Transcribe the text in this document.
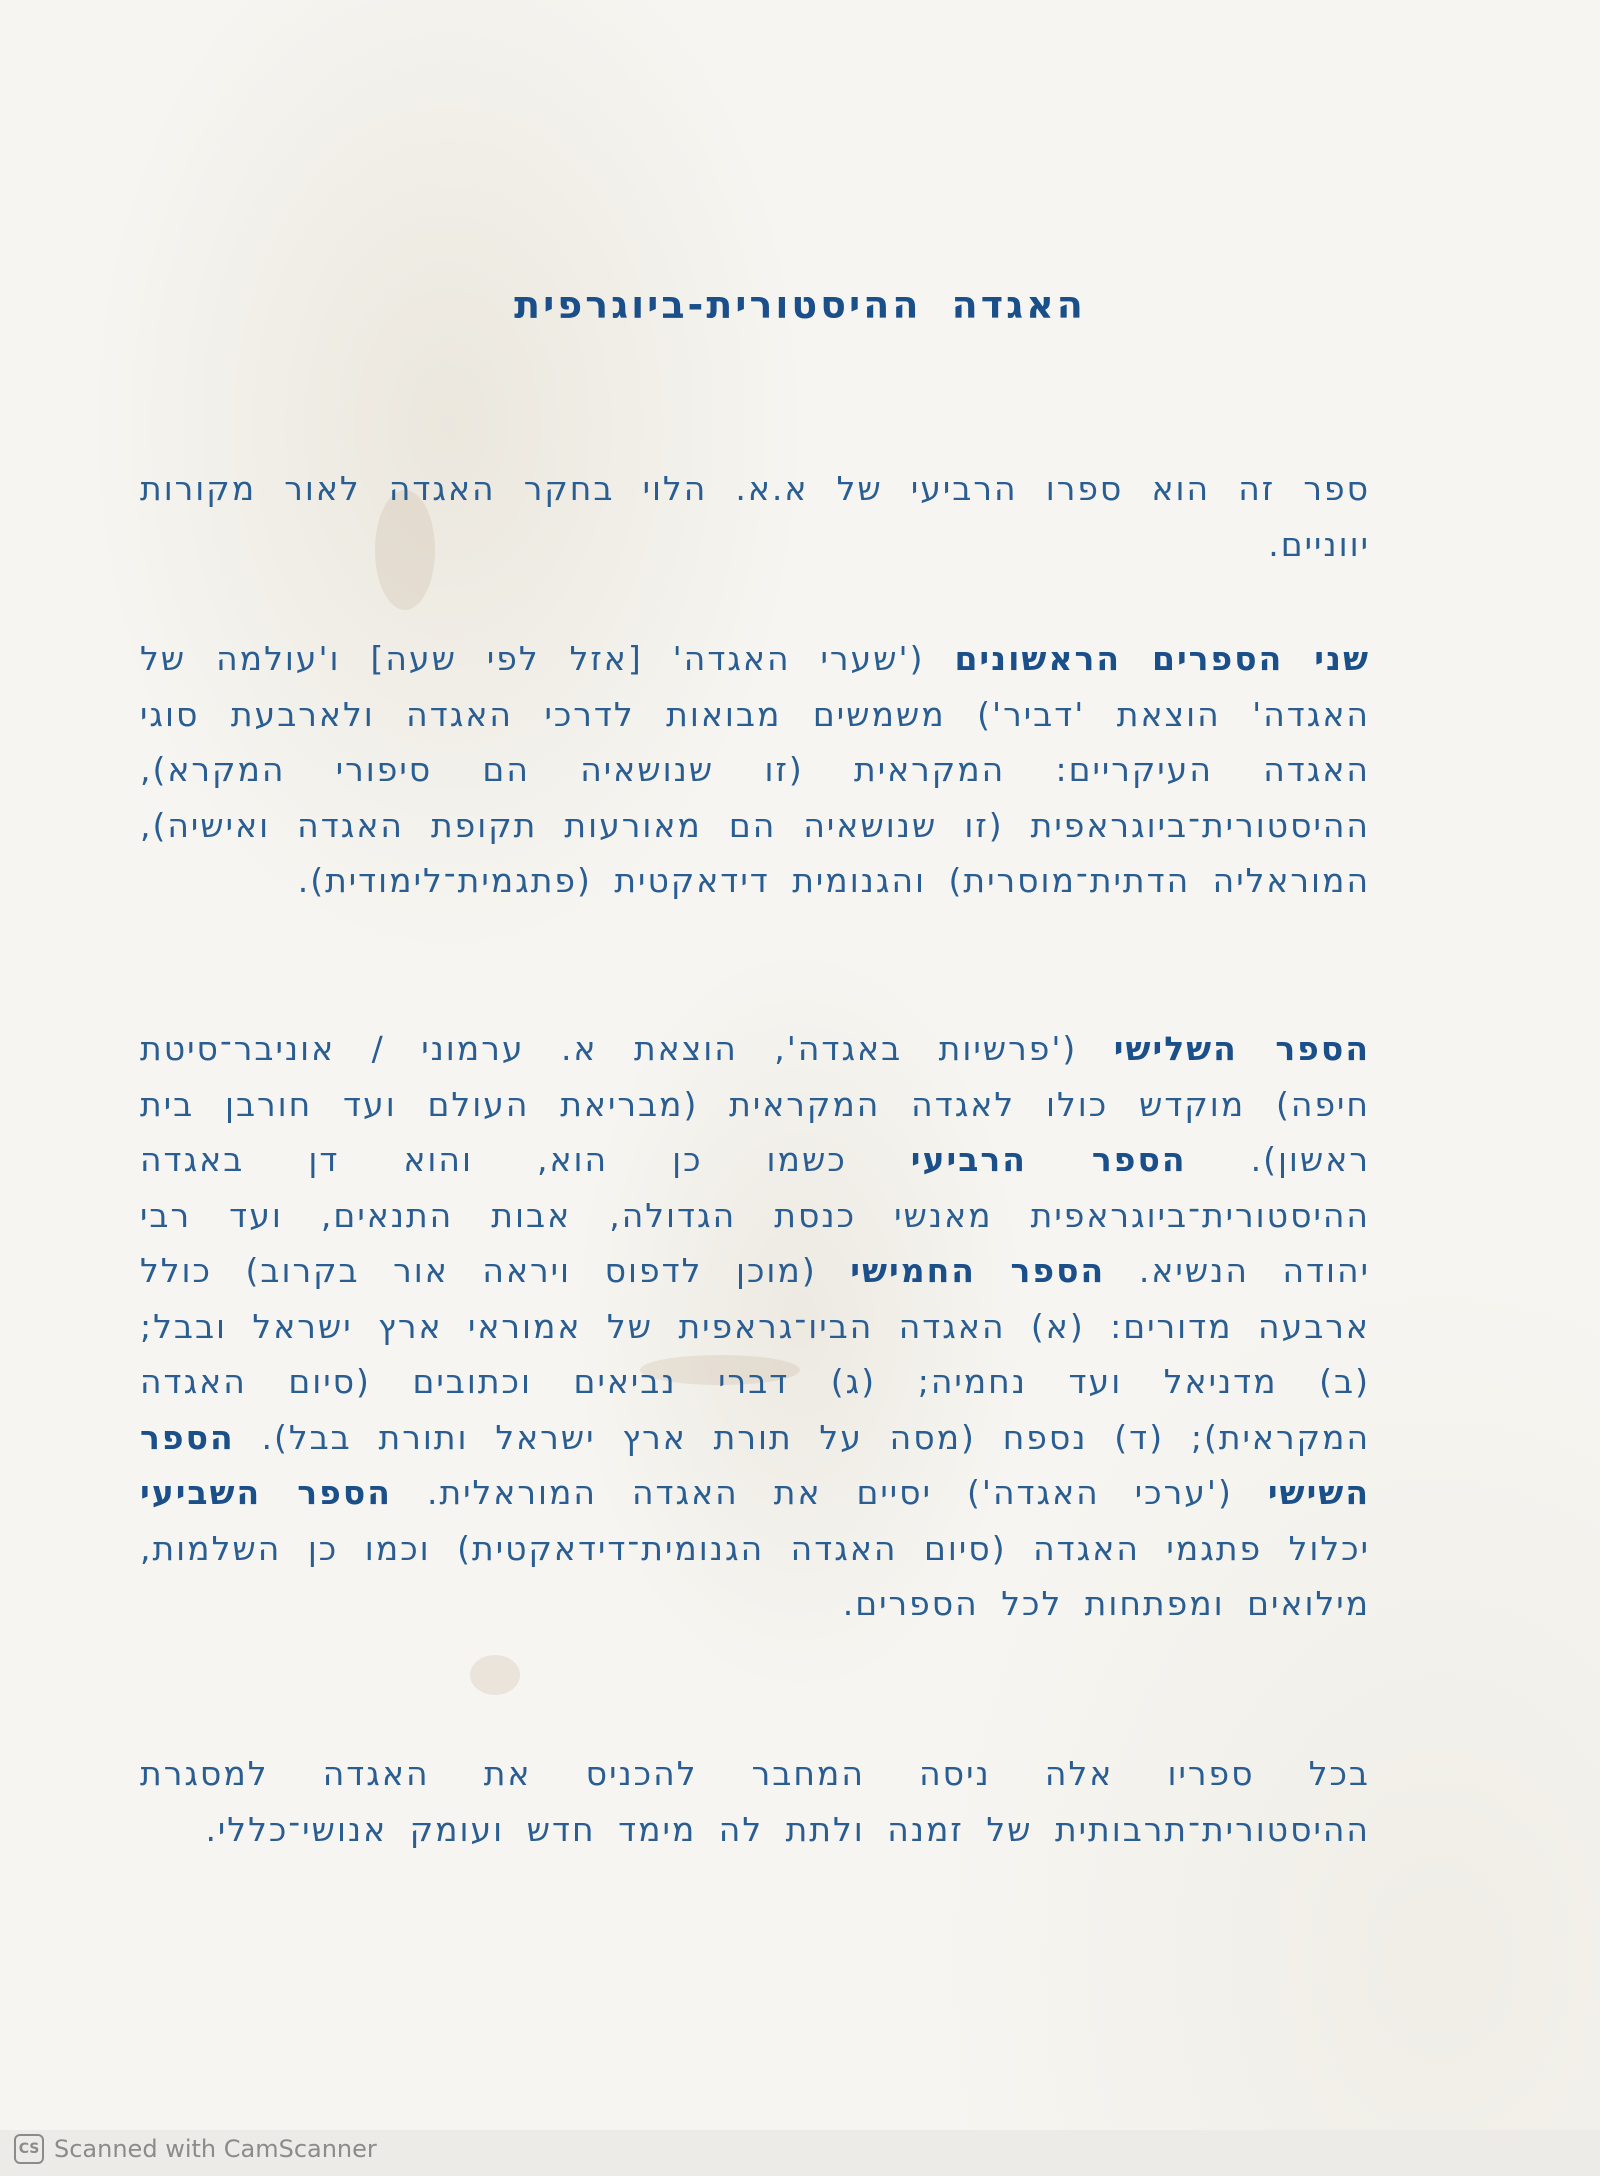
האגדה ההיסטורית-ביוגרפית

ספר זה הוא ספרו הרביעי של א.א. הלוי בחקר האגדה לאור מקורות יווניים.

שני הספרים הראשונים ('שערי האגדה' [אזל לפי שעה] ו'עולמה של האגדה' הוצאת 'דביר') משמשים מבואות לדרכי האגדה ולארבעת סוגי האגדה העיקריים: המקראית (זו שנושאיה הם סיפורי המקרא), ההיסטורית־ביוגראפית (זו שנושאיה הם מאורעות תקופת האגדה ואישיה), המוראליה הדתית־מוסרית) והגנומית דידאקטית (פתגמית־לימודית).

הספר השלישי ('פרשיות באגדה', הוצאת א. ערמוני / אוניבר־סיטת חיפה) מוקדש כולו לאגדה המקראית (מבריאת העולם ועד חורבן בית ראשון). הספר הרביעי כשמו כן הוא, והוא דן באגדה ההיסטורית־ביוגראפית מאנשי כנסת הגדולה, אבות התנאים, ועד רבי יהודה הנשיא. הספר החמישי (מוכן לדפוס ויראה אור בקרוב) כולל ארבעה מדורים: (א) האגדה הביו־גראפית של אמוראי ארץ ישראל ובבל; (ב) מדניאל ועד נחמיה; (ג) דברי נביאים וכתובים (סיום האגדה המקראית); (ד) נספח (מסה על תורת ארץ ישראל ותורת בבל). הספר השישי ('ערכי האגדה') יסיים את האגדה המוראלית. הספר השביעי יכלול פתגמי האגדה (סיום האגדה הגנומית־דידאקטית) וכמו כן השלמות, מילואים ומפתחות לכל הספרים.

בכל ספריו אלה ניסה המחבר להכניס את האגדה למסגרת ההיסטורית־תרבותית של זמנה ולתת לה מימד חדש ועומק אנושי־כללי.

CS Scanned with CamScanner
